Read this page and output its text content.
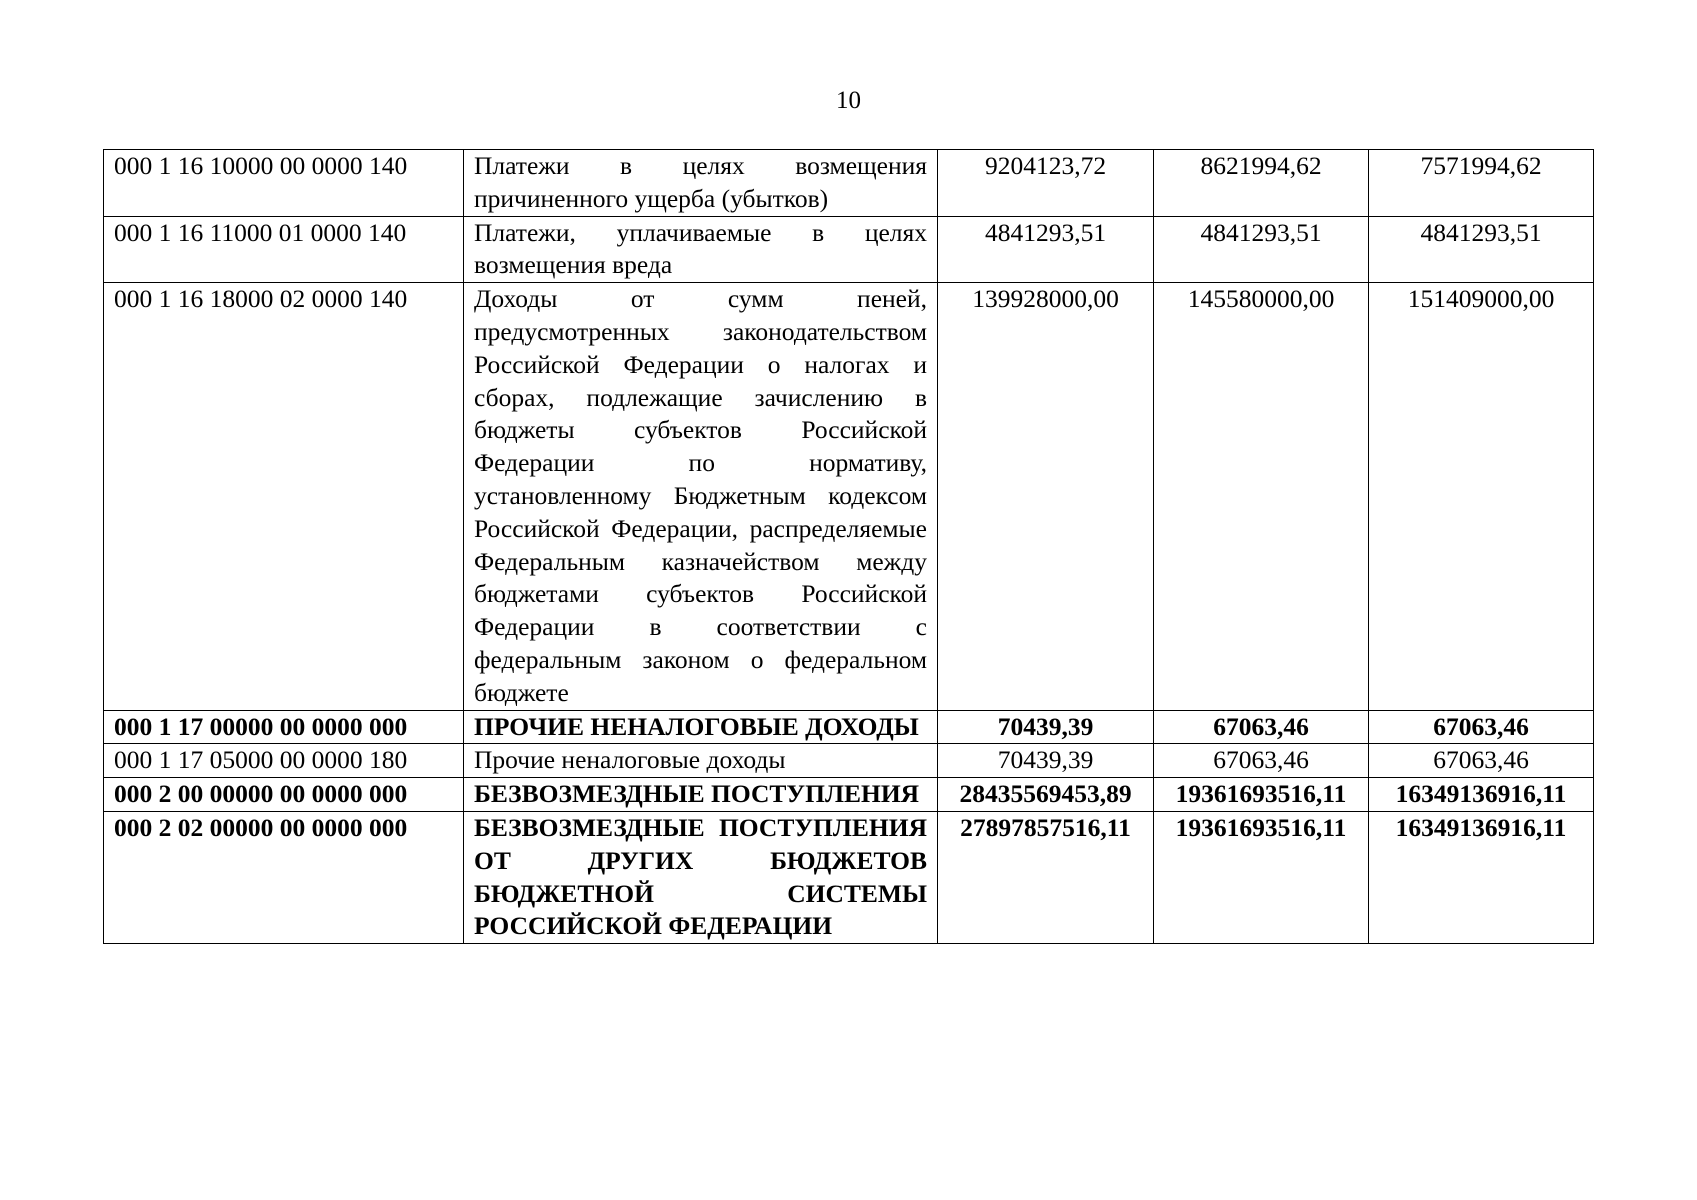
10
000 1 16 10000 00 0000 140	Платежи в целях возмещения причиненного ущерба (убытков)	9204123,72	8621994,62	7571994,62
000 1 16 11000 01 0000 140	Платежи, уплачиваемые в целях возмещения вреда	4841293,51	4841293,51	4841293,51
000 1 16 18000 02 0000 140	Доходы от сумм пеней, предусмотренных законодательством Российской Федерации о налогах и сборах, подлежащие зачислению в бюджеты субъектов Российской Федерации по нормативу, установленному Бюджетным кодексом Российской Федерации, распределяемые Федеральным казначейством между бюджетами субъектов Российской Федерации в соответствии с федеральным законом о федеральном бюджете	139928000,00	145580000,00	151409000,00
000 1 17 00000 00 0000 000	ПРОЧИЕ НЕНАЛОГОВЫЕ ДОХОДЫ	70439,39	67063,46	67063,46
000 1 17 05000 00 0000 180	Прочие неналоговые доходы	70439,39	67063,46	67063,46
000 2 00 00000 00 0000 000	БЕЗВОЗМЕЗДНЫЕ ПОСТУПЛЕНИЯ	28435569453,89	19361693516,11	16349136916,11
000 2 02 00000 00 0000 000	БЕЗВОЗМЕЗДНЫЕ ПОСТУПЛЕНИЯ ОТ ДРУГИХ БЮДЖЕТОВ БЮДЖЕТНОЙ СИСТЕМЫ РОССИЙСКОЙ ФЕДЕРАЦИИ	27897857516,11	19361693516,11	16349136916,11
